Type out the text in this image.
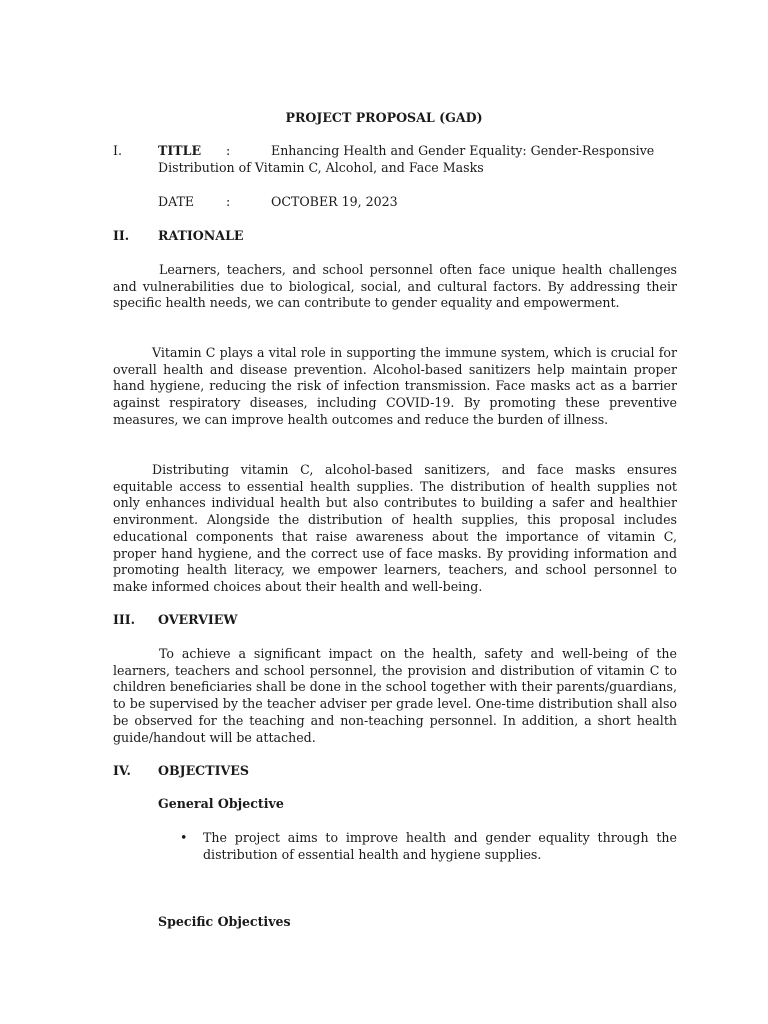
PROJECT PROPOSAL (GAD)
I.	TITLE :	Enhancing Health and Gender Equality: Gender-Responsive
Distribution of Vitamin C, Alcohol, and Face Masks
DATE	:	OCTOBER 19, 2023
II. RATIONALE

Learners, teachers, and school personnel often face unique health challenges and vulnerabilities due to biological, social, and cultural factors. By addressing their specific health needs, we can contribute to gender equality and empowerment.

Vitamin C plays a vital role in supporting the immune system, which is crucial for overall health and disease prevention. Alcohol-based sanitizers help maintain proper hand hygiene, reducing the risk of infection transmission. Face masks act as a barrier against respiratory diseases, including COVID-19. By promoting these preventive measures, we can improve health outcomes and reduce the burden of illness.

Distributing vitamin C, alcohol-based sanitizers, and face masks ensures equitable access to essential health supplies. The distribution of health supplies not only enhances individual health but also contributes to building a safer and healthier environment. Alongside the distribution of health supplies, this proposal includes educational components that raise awareness about the importance of vitamin C, proper hand hygiene, and the correct use of face masks. By providing information and promoting health literacy, we empower learners, teachers, and school personnel to make informed choices about their health and well-being.

III. OVERVIEW

To achieve a significant impact on the health, safety and well-being of the learners, teachers and school personnel, the provision and distribution of vitamin C to children beneficiaries shall be done in the school together with their parents/guardians, to be supervised by the teacher adviser per grade level. One-time distribution shall also be observed for the teaching and non-teaching personnel. In addition, a short health guide/handout will be attached.

IV. OBJECTIVES
General Objective
• The project aims to improve health and gender equality through the distribution of essential health and hygiene supplies.
Specific Objectives
